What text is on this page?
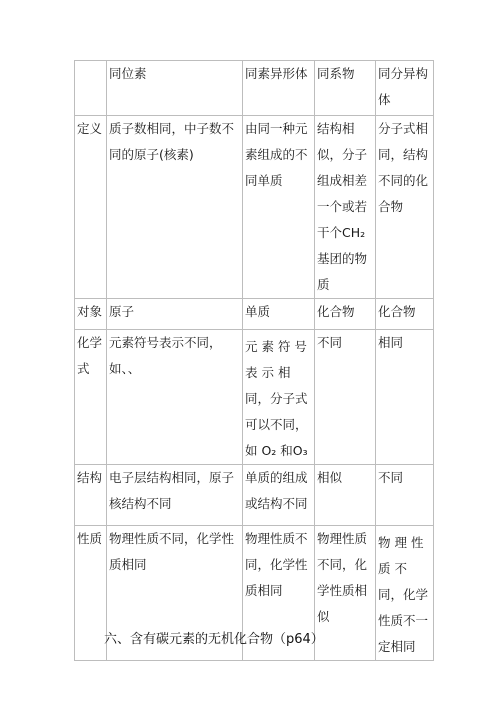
	同位素	同素异形体	同系物	同分异构体
定义	质子数相同，中子数不同的原子(核素)	由同一种元素组成的不同单质	结构相似，分子组成相差一个或若干个CH₂ 基团的物质	分子式相同，结构不同的化合物
对象	原子	单质	化合物	化合物
化学式	元素符号表示不同，如、、	元 素 符 号 表 示 相同，分子式可以不同，如 O₂ 和O₃	不同	相同
结构	电子层结构相同，原子核结构不同	单质的组成或结构不同	相似	不同
性质	物理性质不同，化学性质相同	物理性质不同，化学性质相同	物理性质不同，化学性质相似	物 理 性 质 不同，化学性质不一定相同
六、含有碳元素的无机化合物（p64）
